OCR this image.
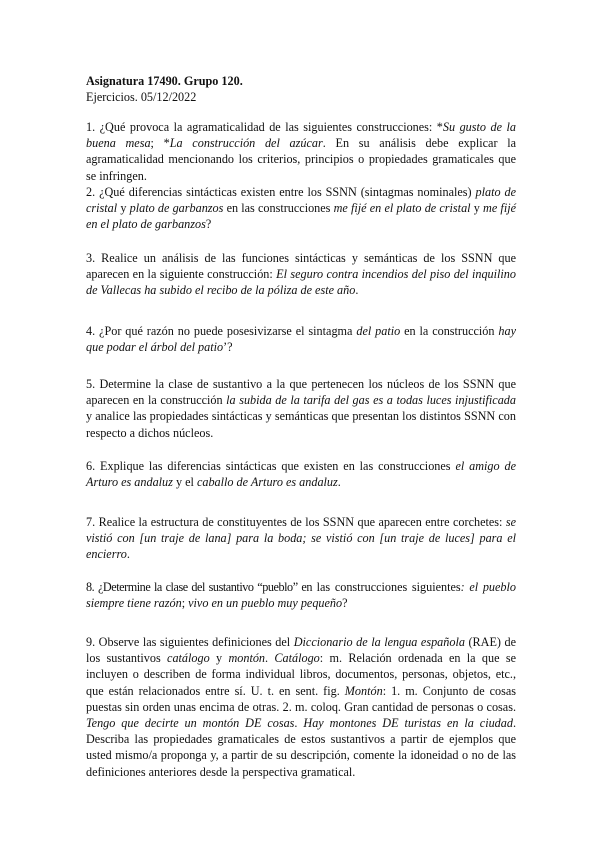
Asignatura 17490. Grupo 120.
Ejercicios. 05/12/2022

1. ¿Qué provoca la agramaticalidad de las siguientes construcciones: *Su gusto de la buena mesa; *La construcción del azúcar. En su análisis debe explicar la agramaticalidad mencionando los criterios, principios o propiedades gramaticales que se infringen.

2. ¿Qué diferencias sintácticas existen entre los SSNN (sintagmas nominales) plato de cristal y plato de garbanzos en las construcciones me fijé en el plato de cristal y me fijé en el plato de garbanzos?

3. Realice un análisis de las funciones sintácticas y semánticas de los SSNN que aparecen en la siguiente construcción: El seguro contra incendios del piso del inquilino de Vallecas ha subido el recibo de la póliza de este año.

4. ¿Por qué razón no puede posesivizarse el sintagma del patio en la construcción hay que podar el árbol del patio’?

5. Determine la clase de sustantivo a la que pertenecen los núcleos de los SSNN que aparecen en la construcción la subida de la tarifa del gas es a todas luces injustificada y analice las propiedades sintácticas y semánticas que presentan los distintos SSNN con respecto a dichos núcleos.

6. Explique las diferencias sintácticas que existen en las construcciones el amigo de Arturo es andaluz y el caballo de Arturo es andaluz.

7. Realice la estructura de constituyentes de los SSNN que aparecen entre corchetes: se vistió con [un traje de lana] para la boda; se vistió con [un traje de luces] para el encierro.

8. ¿Determine la clase del sustantivo “pueblo” en las construcciones siguientes: el pueblo siempre tiene razón; vivo en un pueblo muy pequeño?

9. Observe las siguientes definiciones del Diccionario de la lengua española (RAE) de los sustantivos catálogo y montón. Catálogo: m. Relación ordenada en la que se incluyen o describen de forma individual libros, documentos, personas, objetos, etc., que están relacionados entre sí. U. t. en sent. fig. Montón: 1. m. Conjunto de cosas puestas sin orden unas encima de otras. 2. m. coloq. Gran cantidad de personas o cosas. Tengo que decirte un montón DE cosas. Hay montones DE turistas en la ciudad. Describa las propiedades gramaticales de estos sustantivos a partir de ejemplos que usted mismo/a proponga y, a partir de su descripción, comente la idoneidad o no de las definiciones anteriores desde la perspectiva gramatical.
